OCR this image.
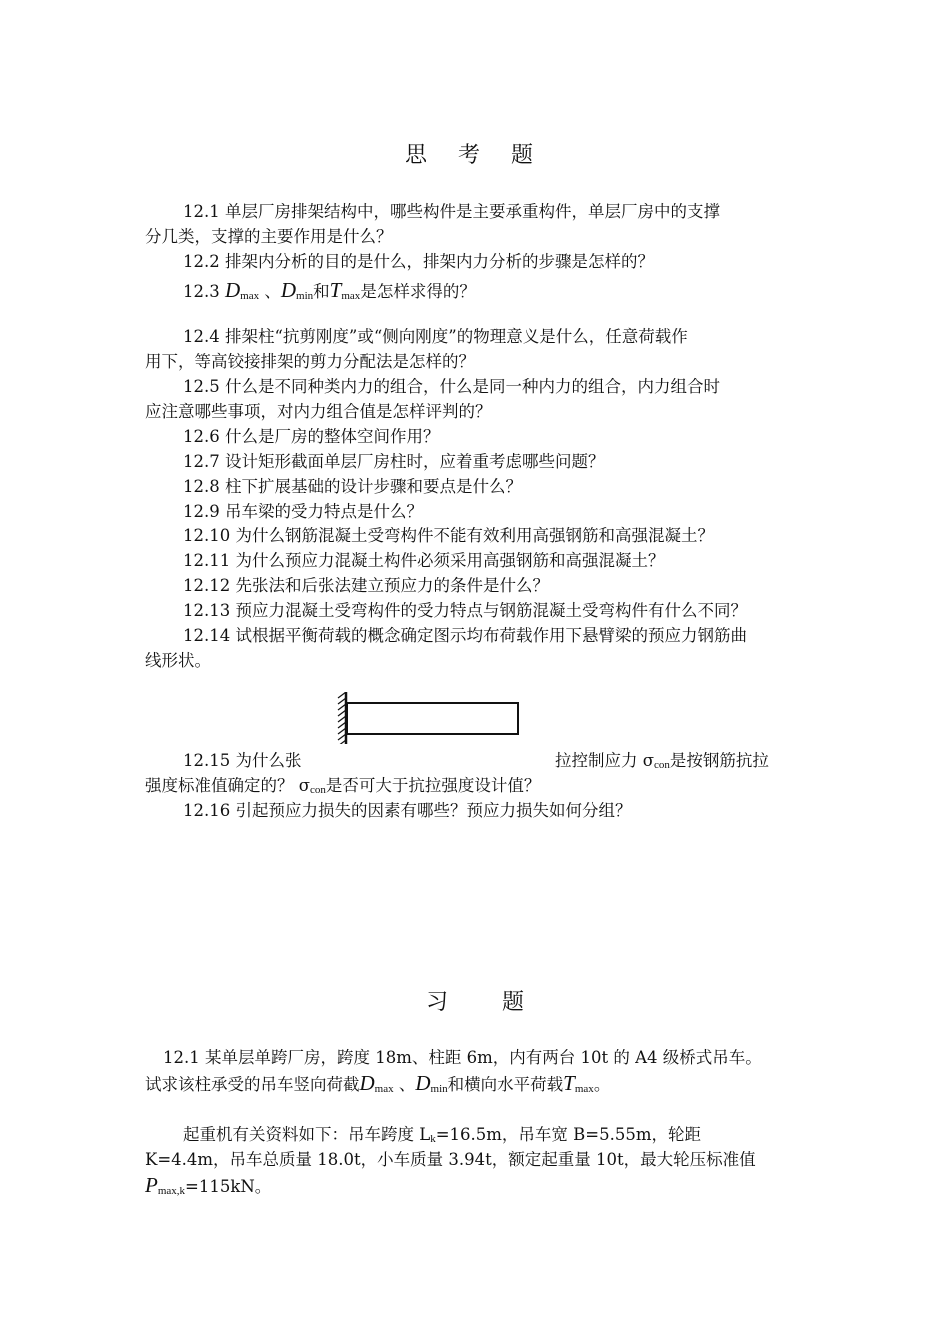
思 考 题
12.1 单层厂房排架结构中，哪些构件是主要承重构件，单层厂房中的支撑
分几类，支撑的主要作用是什么？
12.2 排架内分析的目的是什么，排架内力分析的步骤是怎样的？
12.3 $D_{max}$ 、$D_{min}$和$T_{max}$是怎样求得的？
12.4 排架柱“抗剪刚度”或“侧向刚度”的物理意义是什么，任意荷载作
用下，等高铰接排架的剪力分配法是怎样的？
12.5 什么是不同种类内力的组合，什么是同一种内力的组合，内力组合时
应注意哪些事项，对内力组合值是怎样评判的？
12.6 什么是厂房的整体空间作用？
12.7 设计矩形截面单层厂房柱时，应着重考虑哪些问题？
12.8 柱下扩展基础的设计步骤和要点是什么？
12.9 吊车梁的受力特点是什么？
12.10 为什么钢筋混凝土受弯构件不能有效利用高强钢筋和高强混凝土？
12.11 为什么预应力混凝土构件必须采用高强钢筋和高强混凝土？
12.12 先张法和后张法建立预应力的条件是什么？
12.13 预应力混凝土受弯构件的受力特点与钢筋混凝土受弯构件有什么不同？
12.14 试根据平衡荷载的概念确定图示均布荷载作用下悬臂梁的预应力钢筋曲
线形状。
12.15 为什么张	拉控制应力 $\sigma_{con}$是按钢筋抗拉
强度标准值确定的？ $\sigma_{con}$是否可大于抗拉强度设计值？
12.16 引起预应力损失的因素有哪些？预应力损失如何分组？
习 题
12.1 某单层单跨厂房，跨度 18m、柱距 6m，内有两台 10t 的 A4 级桥式吊车。
试求该柱承受的吊车竖向荷截$D_{max}$ 、$D_{min}$和横向水平荷载$T_{max}$。
起重机有关资料如下：吊车跨度 $L_k=16.5m$，吊车宽 B=5.55m，轮距
K=4.4m，吊车总质量 18.0t，小车质量 3.94t，额定起重量 10t，最大轮压标准值
$P_{max,k}=115kN$。
